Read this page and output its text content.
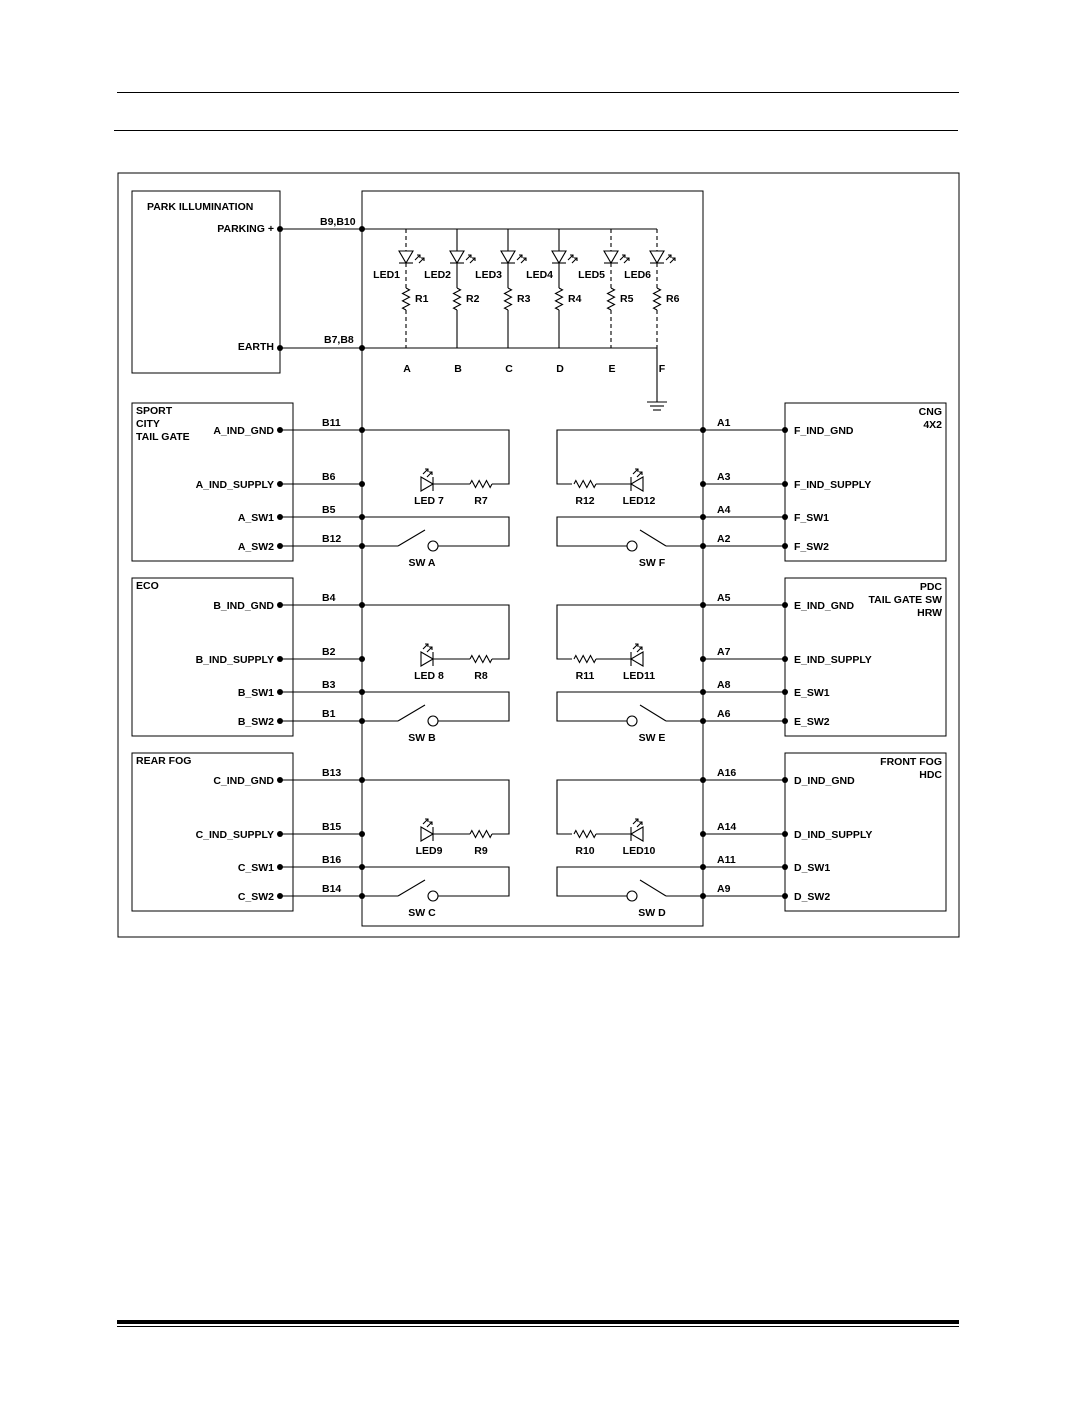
PARK ILLUMINATION
PARKING +
B9,B10
EARTH
B7,B8
LED1
R1
A
LED2
R2
B
LED3
R3
C
LED4
R4
D
LED5
R5
E
LED6
R6
F
SPORT
CITY
TAIL GATE A_IND_GND
B11
A_IND_SUPPLY
B6
A_SW1
B5
A_SW2
B12
R7
LED 7
SW A
ECO
B_IND_GND
B4
B_IND_SUPPLY
B2
B_SW1
B3
B_SW2
B1
R8
LED 8
SW B
REAR FOG
C_IND_GND
B13
C_IND_SUPPLY
B15
C_SW1
B16
C_SW2
B14
R9
LED9
SW C
CNG
4X2
F_IND_GND
A1
F_IND_SUPPLY
A3
F_SW1
A4
F_SW2
A2
R12	LED12
SW F
PDC
TAIL GATE SW
HRW
E_IND_GND
A5
E_IND_SUPPLY
A7
E_SW1
A8
E_SW2
A6
R11	LED11
SW E
FRONT FOG
HDC
D_IND_GND
A16
D_IND_SUPPLY
A14
D_SW1
A11
D_SW2
A9
R10	LED10
SW D
